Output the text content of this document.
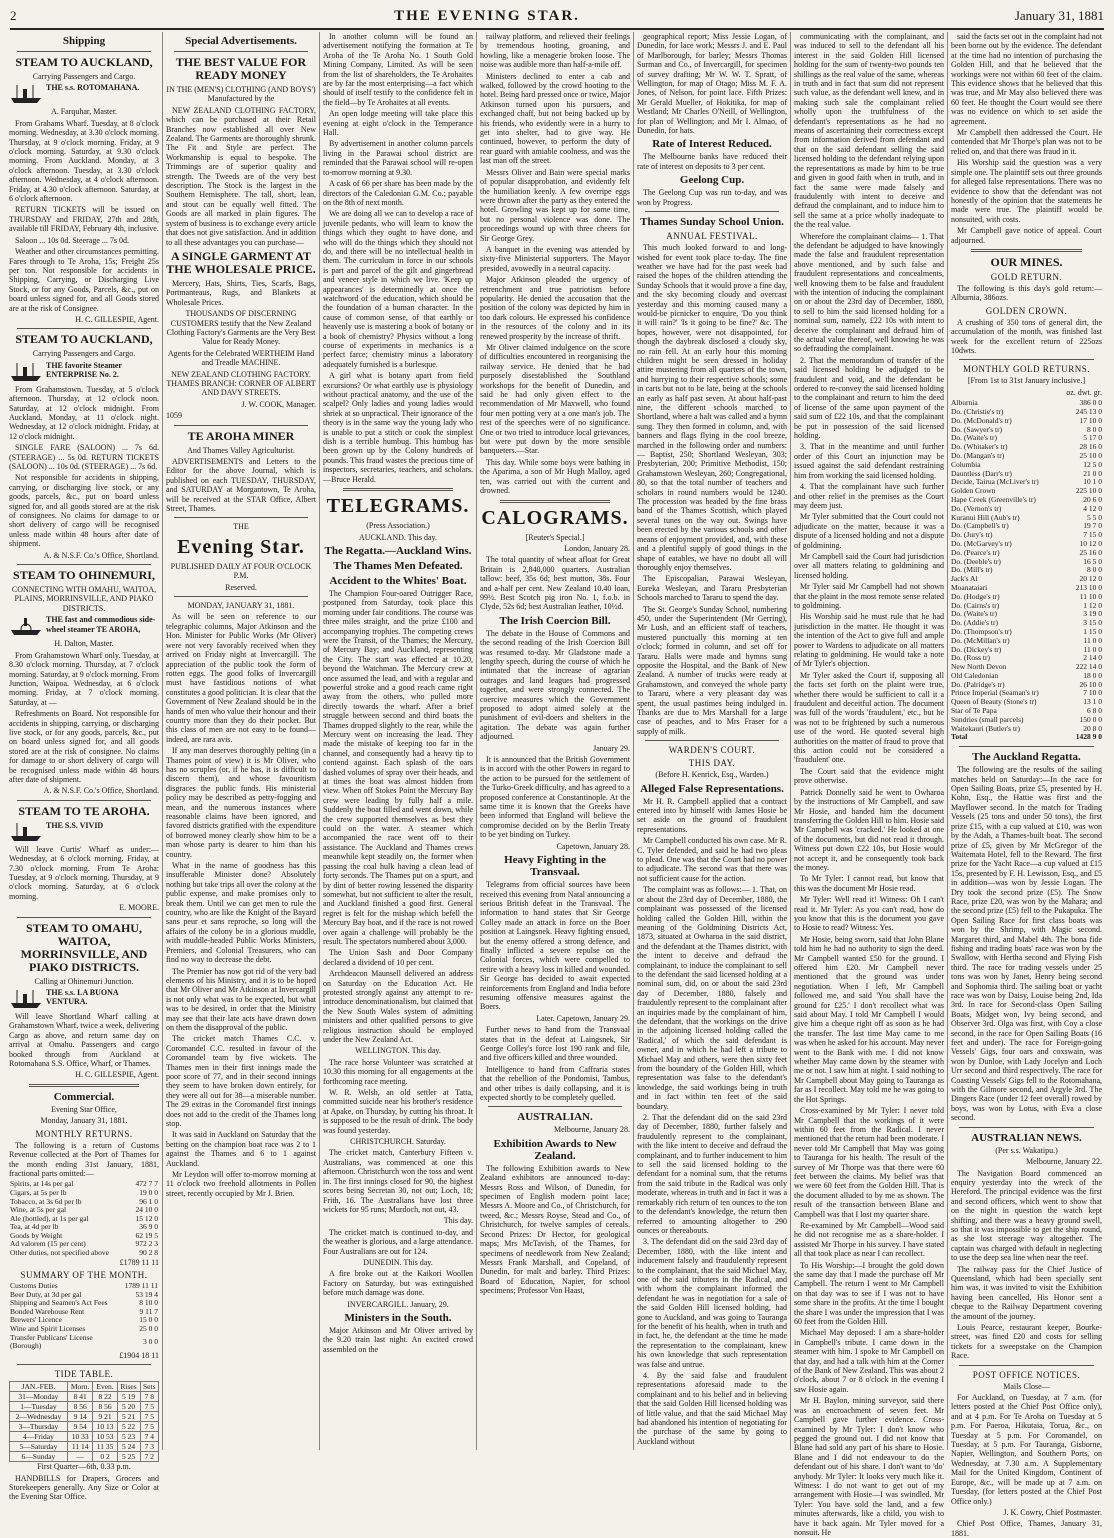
2	THE EVENING STAR.	January 31, 1881
Shipping
STEAM TO AUCKLAND,

Carrying Passengers and Cargo.

THE s.s. ROTOMAHANA.

A. Farquhar, Master.

From Grahams Wharf. Tuesday, at 8 o'clock morning. Wednesday, at 3.30 o'clock morning. Thursday, at 9 o'clock morning. Friday, at 9 o'clock morning. Saturday, at 9.30 o'clock morning. From Auckland. Monday, at 3 o'clock afternoon. Tuesday, at 3.30 o'clock afternoon. Wednesday, at 4 o'clock afternoon. Friday, at 4.30 o'clock afternoon. Saturday, at 6 o'clock afternoon.

RETURN TICKETS will be issued on THURSDAY and FRIDAY, 27th and 28th, available till FRIDAY, February 4th, inclusive.

Saloon ... 10s 0d. Steerage ... 7s 0d.

Weather and other circumstances permitting. Fares through to Te Aroha, 15s; Freight 25s per ton. Not responsible for accidents in Shipping, Carrying, or Discharging Live Stock, or for any Goods, Parcels, &c., put on board unless signed for, and all Goods stored are at the risk of Consignee.

H. C. GILLESPIE, Agent.

STEAM TO AUCKLAND,

Carrying Passengers and Cargo.

THE favorite Steamer ENTERPRISE No. 2.

From Grahamstown. Tuesday, at 5 o'clock afternoon. Thursday, at 12 o'clock noon. Saturday, at 12 o'clock midnight. From Auckland. Monday, at 11 o'clock night. Wednesday, at 12 o'clock midnight. Friday, at 12 o'clock midnight.

SINGLE FARE (SALOON) ... 7s 6d. (STEERAGE) ... 5s 0d. RETURN TICKETS (SALOON) ... 10s 0d. (STEERAGE) ... 7s 6d.

Not responsible for accidents in shipping, carrying, or discharging live stock, or any goods, parcels, &c., put on board unless signed for, and all goods stored are at the risk of consignees. No claims for damage to or short delivery of cargo will be recognised unless made within 48 hours after date of shipment.

A. & N.S.F. Co.'s Office, Shortland.

STEAM TO OHINEMURI,

CONNECTING WITH OMAHU, WAITOA, PLAINS, MORRINSVILLE, AND PIAKO DISTRICTS.

THE fast and commodious side-wheel steamer TE AROHA,

H. Dalton, Master.

From Grahamstown Wharf only. Tuesday, at 8.30 o'clock morning. Thursday, at 7 o'clock morning. Saturday, at 9 o'clock morning. From Junction, Waipoa. Wednesday, at 6 o'clock morning. Friday, at 7 o'clock morning. Saturday, at —

Refreshments on Board. Not responsible for accidents in shipping, carrying, or discharging live stock, or for any goods, parcels, &c., put on board unless signed for, and all goods stored are at the risk of consignee. No claims for damage to or short delivery of cargo will be recognised unless made within 48 hours after date of shipment.

A. & N.S.F. Co.'s Office, Shortland.

STEAM TO TE AROHA.
THE S.S. VIVID

Will leave Curtis' Wharf as under:— Wednesday, at 6 o'clock morning. Friday, at 7.30 o'clock morning. From Te Aroha: Tuesday, at 9 o'clock morning. Thursday, at 9 o'clock morning. Saturday, at 6 o'clock morning.

E. MOORE.

STEAM TO OMAHU, WAITOA, MORRINSVILLE, AND PIAKO DISTRICTS.

Calling at Ohinemuri Junction.

THE s.s. LA BUONA VENTURA.

Will leave Shortland Wharf calling at Grahamstown Wharf, twice a week, delivering Cargo as above, and return same day on arrival at Omahu. Passengers and cargo booked through from Auckland at Rotomahana S.S. Office, Wharf, or Thames.

H. C. GILLESPIE, Agent.

Commercial.

Evening Star Office,

Monday, January 31, 1881.

MONTHLY RETURNS.

The following is a return of Customs Revenue collected at the Port of Thames for the month ending 31st January, 1881, fractional parts omitted:—

Spirits, at 14s per gal	472 7 7
Cigars, at 5s per lb	19 0 0
Tobacco, at 3s 6d per lb	96 1 0
Wine, at 5s per gal	24 10 0
Ale (bottled), at 1s per gal	15 12 0
Tea, at 4d per lb	36 9 0
Goods by Weight	62 19 5
Ad valorem (15 per cent)	972 2 3
Other duties, not specified above	90 2 8

£1789 11 11

SUMMARY OF THE MONTH.
Customs Duties	1789 11 11
Beer Duty, at 3d per gal	53 19 4
Shipping and Seamen's Act Fees	8 10 0
Bonded Warehouse Rent	9 11 7
Brewers' Licence	15 0 0
Wine and Spirit Licenses	25 0 0
Transfer Publicans' License (Borough)	3 0 0

£1904 18 11

TIDE TABLE.
JAN.-FEB.	Morn.	Even.	Rises	Sets
31—Monday	8 41	8 22	5 19	7 8
1—Tuesday	8 56	8 56	5 20	7 5
2—Wednesday	9 14	9 21	5 21	7 5
3—Thursday	9 54	10 13	5 22	7 5
4—Friday	10 33	10 53	5 23	7 4
5—Saturday	11 14	11 35	5 24	7 3
6—Sunday	—	0 2	5 25	7 2

First Quarter—6th, 0.33 p.m.

HANDBILLS for Drapers, Grocers and Storekeepers generally. Any Size or Color at the Evening Star Office.

Special Advertisements.
THE BEST VALUE FOR READY MONEY

IN THE (MEN'S) CLOTHING (AND BOYS') Manufactured by the

NEW ZEALAND CLOTHING FACTORY, which can be purchased at their Retail Branches now established all over New Zealand. The Garments are thoroughly shrunk. The Fit and Style are perfect. The Workmanship is equal to bespoke. The Trimmings are of superior quality and strength. The Tweeds are of the very best description. The Stock is the largest in the Southern Hemisphere. The tall, short, lean, and stout can be equally well fitted. The Goods are all marked in plain figures. The system of business is to exchange every article that does not give satisfaction. And in addition to all these advantages you can purchase—

A SINGLE GARMENT AT THE WHOLESALE PRICE.

Mercery, Hats, Shirts, Ties, Scarfs, Bags, Portmanteaus, Rugs, and Blankets at Wholesale Prices.

THOUSANDS OF DISCERNING CUSTOMERS testify that the New Zealand Clothing Factory's Garments are the Very Best Value for Ready Money.

Agents for the Celebrated WERTHEIM Hand and Treadle MACHINE.

NEW ZEALAND CLOTHING FACTORY. THAMES BRANCH: CORNER OF ALBERT AND DAVY STREETS.

J. W. COOK, Manager.

1059

TE AROHA MINER

And Thames Valley Agriculturist.

ADVERTISEMENTS and Letters to the Editor for the above Journal, which is published on each TUESDAY, THURSDAY, and SATURDAY at Morgantown, Te Aroha, will be received at the STAR Office, Albert Street, Thames.

THE

Evening Star.

PUBLISHED DAILY AT FOUR O'CLOCK P.M.

Reserved.

MONDAY, JANUARY 31, 1881.

As will be seen on reference to our telegraphic columns, Major Atkinson and the Hon. Minister for Public Works (Mr Oliver) were not very favorably received when they arrived on Friday night at Invercargill. The appreciation of the public took the form of rotten eggs. The good folks of Invercargill must have fastidious notions of what constitutes a good politician. It is clear that the Government of New Zealand should be in the hands of men who value their honour and their country more than they do their pocket. But this class of men are not easy to be found—indeed, are rara avis.

If any man deserves thoroughly pelting (in a Thames point of view) it is Mr Oliver, who has no scruples (or, if he has, it is difficult to discern them), and whose favouritism disgraces the public funds. His ministerial policy may be described as petty-fogging and mean, and the numerous instances where reasonable claims have been ignored, and favored districts gratified with the expenditure of borrowed money clearly show him to be a man whose party is dearer to him than his country.

What in the name of goodness has this insufferable Minister done? Absolutely nothing but take trips all over the colony at the public expense, and make promises only to break them. Until we can get men to rule the country, who are like the Knight of the Bayard sans peur et sans reproche, so long will the affairs of the colony be in a glorious muddle, with muddle-headed Public Works Ministers, Premiers, and Colonial Treasurers, who can find no way to decrease the debt.

The Premier has now got rid of the very bad elements of his Ministry, and it is to be hoped that Mr Oliver and Mr Atkinson at Invercargill is not only what was to be expected, but what was to be desired, in order that the Ministry may see that their late acts have drawn down on them the disapproval of the public.

The cricket match Thames C.C. v. Coromandel C.C. resulted in favour of the Coromandel team by five wickets. The Thames men in their first innings made the poor score of 77, and in their second innings they seem to have broken down entirely, for they were all out for 38—a miserable number. The 29 extras in the Coromandel first innings does not add to the credit of the Thames long stop.

It was said in Auckland on Saturday that the betting on the champion boat race was 2 to 1 against the Thames and 6 to 1 against Auckland.

Mr Leydon will offer to-morrow morning at 11 o'clock two freehold allotments in Pollen street, recently occupied by Mr J. Brien.

In another column will be found an advertisement notifying the formation at Te Aroha of the Te Aroha No. 1 South Gold Mining Company, Limited. As will be seen from the list of shareholders, the Te Arohaites are by far the most enterprising—a fact which should of itself testify to the confidence felt in the field—by Te Arohaites at all events.

An open lodge meeting will take place this evening at eight o'clock in the Temperance Hall.

By advertisement in another column parcels living in the Parawai school district are reminded that the Parawai school will re-open to-morrow morning at 9.30.

A cask of 66 per share has been made by the directors of the Caledonian G.M. Co.; payable on the 8th of next month.

We are doing all we can to develop a race of juvenile pedants, who will learn to know the things which they ought to have done, and who will do the things which they should not do, and there will be no intellectual health in them. The curriculum in force in our schools is part and parcel of the gilt and gingerbread and veneer style in which we live. 'Keep up appearances' is determinedly at once the watchword of the education, which should be the foundation of a human character. In the cause of common sense, of that earthly or heavenly use is mastering a book of botany or a book of chemistry? Physics without a long course of experiments in mechanics is a perfect farce; chemistry minus a laboratory adequately furnished is a burlesque.

A girl what is botany apart from field excursions? Or what earthly use is physiology without practical anatomy, and the use of the scalpel? Only ladies and young ladies would shriek at so unpractical. Their ignorance of the theory is in the same way the young lady who is unable to put a stitch or cook the simplest dish is a terrible humbug. This humbug has been grown up by the Colony hundreds of pounds. This fraud wastes the precious time of inspectors, secretaries, teachers, and scholars.—Bruce Herald.

TELEGRAMS.

(Press Association.)

AUCKLAND. This day.

The Regatta.—Auckland Wins.
The Thames Men Defeated.
Accident to the Whites' Boat.

The Champion Four-oared Outrigger Race, postponed from Saturday, took place this morning under fair conditions. The course was three miles straight, and the prize £100 and accompanying trophies. The competing crews were the Transit, of the Thames; the Mercury, of Mercury Bay; and Auckland, representing the City. The start was effected at 10.20, beyond the Watchman. The Mercury crew at once assumed the lead, and with a regular and powerful stroke and a good reach came right away from the others, who pulled more directly towards the wharf. After a brief struggle between second and third boats the Thames dropped slightly to the rear, while the Mercury went on increasing the lead. They made the mistake of keeping too far in the channel, and consequently had a heavy tip to contend against. Each splash of the oars dashed volumes of spray over their heads, and at times the boat was almost hidden from view. When off Stokes Point the Mercury Bay crew were leading by fully half a mile. Suddenly the boat filled and went down, while the crew supported themselves as best they could on the water. A steamer which accompanied the race went off to their assistance. The Auckland and Thames crews meanwhile kept steadily on, the former when passing the coal hulk having a clean lead of forty seconds. The Thames put on a spurt, and by dint of better rowing lessened the disparity somewhat, but not sufficient to alter the result, and Auckland finished a good first. General regret is felt for the mishap which befell the Mercury Bay boat, and if the race is not rowed over again a challenge will probably be the result. The spectators numbered about 3,000.

The Union Sash and Door Company declared a dividend of 10 per cent.

Archdeacon Maunsell delivered an address on Saturday on the Education Act. He protested strongly against any attempt to re-introduce denominationalism, but claimed that the New South Wales system of admitting ministers and other qualified persons to give religious instruction should be employed under the New Zealand Act.

WELLINGTON. This day.

The race horse Volunteer was scratched at 10.30 this morning for all engagements at the forthcoming race meeting.

W. R. Welsh, an old settler at Tatta, committed suicide near his brother's residence at Apake, on Thursday, by cutting his throat. It is supposed to be the result of drink. The body was found yesterday.

CHRISTCHURCH. Saturday.

The cricket match, Canterbury Fifteen v. Australians, was commenced at one this afternoon. Christchurch won the toss and went in. The first innings closed for 90, the highest scores being Secretan 30, not out; Loch, 18; Frith, 16. The Australians have lost three wickets for 95 runs; Murdoch, not out, 43.

This day.

The cricket match is continued to-day, and the weather is glorious, and a large attendance. Four Australians are out for 124.

DUNEDIN. This day.

A fire broke out at the Kaikori Woollen Factory on Saturday, but was extinguished before much damage was done.

INVERCARGILL. January, 29.

Ministers in the South.

Major Atkinson and Mr Oliver arrived by the 9.20 train last night. An excited crowd assembled on the

railway platform, and relieved their feelings by tremendous hooting, groaning, and howling, like a menagerie broken loose. The noise was audible more than half-a-mile off.

Ministers declined to enter a cab and walked, followed by the crowd hooting to the hotel. Being hard pressed once or twice, Major Atkinson turned upon his pursuers, and exchanged chaff, but not being backed up by his friends, who evidently were in a hurry to get into shelter, had to give way. He continued, however, to perform the duty of rear guard with amiable coolness, and was the last man off the street.

Messrs Oliver and Bain were special marks of popular disapprobation, and evidently felt the humiliation keenly. A few overripe eggs were thrown after the party as they entered the hotel. Growling was kept up for some time, but no personal violence was done. The proceedings wound up with three cheers for Sir George Grey.

A banquet in the evening was attended by sixty-five Ministerial supporters. The Mayor presided, avowedly in a neutral capacity.

Major Atkinson pleaded the urgency of retrenchment and true patriotism before popularity. He denied the accusation that the position of the colony was depicted by him in too dark colours. He expressed his confidence in the resources of the colony and in its renewed prosperity by the increase of thrift.

Mr Oliver claimed indulgence on the score of difficulties encountered in reorganising the railway service. He denied that he had purposely disestablished the Southland workshops for the benefit of Dunedin, and said he had only given effect to the recommendation of Mr Maxwell, who found four men potting very at a one man's job. The rest of the speeches were of no significance. One or two tried to introduce local grievances, but were put down by the more sensible banqueters.—Star.

This day. While some boys were bathing in the Aparima, a son of Mr Hugh Malloy, aged ten, was carried out with the current and drowned.

CALOGRAMS.

[Reuter's Special.]

London, January 28.

The total quantity of wheat afloat for Great Britain is 2,840,000 quarters. Australian tallow: beef, 35s 6d; best mutton, 38s. Four and a-half per cent. New Zealand 10.40 loan, 99½. Best Scotch pig iron No. 1, f.o.b. in Clyde, 52s 6d; best Australian leather, 10½d.

The Irish Coercion Bill.

The debate in the House of Commons and the second reading of the Irish Coercion Bill was resumed to-day. Mr Gladstone made a lengthy speech, during the course of which he intimated that the increase of agrarian outrages and land leagues had progressed together, and were strongly connected. The coercive measures which the Government proposed to adopt aimed solely at the punishment of evil-doers and shelters in the agitation. The debate was again further adjourned.

January 29.

It is announced that the British Government is in accord with the other Powers in regard to the action to be pursued for the settlement of the Turko-Greek difficulty, and has agreed to a proposed conference at Constantinople. At the same time it is known that the Greeks have been informed that England will believe the compromise decided on by the Berlin Treaty to be yet binding on Turkey.

Capetown, January 28.

Heavy Fighting in the Transvaal.

Telegrams from official sources have been received this evening from Natal announcing a serious British defeat in the Transvaal. The information to hand states that Sir George Colley made an attack in force on the Boer position at Laingsnek. Heavy fighting ensued, but the enemy offered a strong defence, and finally inflicted a severe repulse on the Colonial forces, which were compelled to retire with a heavy loss in killed and wounded. Sir George has decided to await expected reinforcements from England and India before resuming offensive measures against the Boers.

Later. Capetown, January 29.

Further news to hand from the Transvaal states that in the defeat at Laingsnek, Sir George Colley's force lost 190 rank and file, and five officers killed and three wounded.

Intelligence to hand from Caffraria states that the rebellion of the Pondomisi, Tambus, and other tribes is daily collapsing, and it is expected shortly to be completely quelled.

AUSTRALIAN.

Melbourne, January 28.

Exhibition Awards to New Zealand.

The following Exhibition awards to New Zealand exhibitors are announced to-day: Messrs Ross and Wilson, of Dunedin, for specimen of English modern point lace; Messrs A. Moore and Co., of Christchurch, for tweed, &c.; Messrs Royse, Stead and Co., of Christchurch, for twelve samples of cereals. Second Prizes: Dr Hector, for geological maps; Mrs McTavish, of the Thames, for specimens of needlework from New Zealand; Messrs Frank Marshall, and Copeland, of Dunedin, for malt and barley. Third Prizes: Board of Education, Napier, for school specimens; Professor Von Haast,

geographical report; Miss Jessie Logan, of Dunedin, for lace work; Messrs J. and E. Paul of Marlborough, for barley; Messrs Thomas Surman and Co., of Invercargill, for specimen of survey drafting; Mr W. W. T. Spratt, of Wellington, for map of Otago; Miss M. F. A. Jones, of Nelson, for point lace. Fifth Prizes: Mr Gerald Mueller, of Hokitika, for map of Westland; Mr Charles O'Neill, of Wellington, for plan of Wellington; and Mr I. Almao, of Dunedin, for hats.

Rate of Interest Reduced.

The Melbourne banks have reduced their rate of interest on deposits to 3 per cent.

Geelong Cup.

The Geelong Cup was run to-day, and was won by Progress.

Thames Sunday School Union.
ANNUAL FESTIVAL.

This much looked forward to and long-wished for event took place to-day. The fine weather we have had for the past week had raised the hopes of the children attending the Sunday Schools that it would prove a fine day, and the sky becoming cloudy and overcast yesterday and this morning caused many a would-be picnicker to enquire, 'Do you think it will rain?' 'Is it going to be fine?' &c. The hopes, however, were not disappointed, for though the daybreak disclosed a cloudy sky, no rain fell. At an early hour this morning children might be seen dressed in holiday attire mustering from all quarters of the town, and hurrying to their respective schools; some in carts but not to be late, being at the schools an early as half past seven. At about half-past nine, the different schools marched to Shortland, where a halt was called and a hymn sung. They then formed in column, and, with banners and flags flying in the cool breeze, marched in the following order and numbers:— Baptist, 250; Shortland Wesleyan, 303; Presbyterian, 200; Primitive Methodist, 150; Grahamstown Wesleyan, 260; Congregational, 80, so that the total number of teachers and scholars in round numbers would be 1240. The procession was headed by the fine brass band of the Thames Scottish, which played several tunes on the way out. Swings have been erected by the various schools and other means of enjoyment provided, and, with these and a plentiful supply of good things in the shape of eatables, we have no doubt all will thoroughly enjoy themselves.

The Episcopalian, Parawai Wesleyan, Eureka Wesleyan, and Tararu Presbyterian Schools marched to Tararu to spend the day.

The St. George's Sunday School, numbering 450, under the Superintendent (Mr Gerring), Mr Lush, and an efficient staff of teachers, mustered punctually this morning at ten o'clock; formed in column, and set off for Tararu. Halls were made and hymns sung opposite the Hospital, and the Bank of New Zealand. A number of trucks were ready at Grahamstown, and conveyed the whole party to Tararu, where a very pleasant day was spent, the usual pastimes being indulged in. Thanks are due to Mrs Marshall for a large case of peaches, and to Mrs Fraser for a supply of milk.

WARDEN'S COURT.
THIS DAY.

(Before H. Kenrick, Esq., Warden.)

Alleged False Representations.

Mr H. R. Campbell applied that a contract entered into by himself with James Hosie be set aside on the ground of fraudulent representations.

Mr Campbell conducted his own case. Mr R. C. Tyler defended, and said he had two pleas to plead. One was that the Court had no power to adjudicate. The second was that there was not sufficient cause for the action.

The complaint was as follows:— 1. That, on or about the 23rd day of December, 1880, the complainant was possessed of the licensed holding called the Golden Hill, within the meaning of the Goldmining Districts Act, 1873, situated at Owharoa in the said district, and the defendant at the Thames district, with the intent to deceive and defraud the complainant, to induce the complainant to sell to the defendant the said licensed holding at a nominal sum, did, on or about the said 23rd day of December, 1880, falsely and fraudulently represent to the complainant after an inquiries made by the complainant of him, the defendant, that the workings on the drive in the adjoining licensed holding called the 'Radical,' of which the said defendant is owner, and in which he had left a tribute to Michael May and others, were then sixty feet from the boundary of the Golden Hill, which representation was false to the defendant's knowledge, the said workings being in truth and in fact within ten feet of the said boundary.

2. That the defendant did on the said 23rd day of December, 1880, further falsely and fraudulently represent to the complainant, with the like intent to deceive and defraud the complainant, and to further inducement to him to sell the said licensed holding to the defendant for a nominal sum, that the returns from the said tribute in the Radical was only moderate, whereas in truth and in fact it was a remarkably rich return of ten ounces to the ton to the defendant's knowledge, the return then referred to amounting altogether to 290 ounces or thereabouts.

3. The defendant did on the said 23rd day of December, 1880, with the like intent and inducement falsely and fraudulently represent to the complainant, that the said Michael May, one of the said tributers in the Radical, and with whom the complainant informed the defendant he was in negotiation for a sale of the said Golden Hill licensed holding, had gone to Auckland, and was going to Tauranga for the benefit of his health, when in truth and in fact, he, the defendant at the time he made the representation to the complainant, knew his own knowledge that such representation was false and untrue.

4. By the said false and fraudulent representations aforesaid made to the complainant and to his belief and in believing that the said Golden Hill licensed holding was of little value, and that the said Michael May had abandoned his intention of negotiating for the purchase of the same by going to Auckland without

communicating with the complainant, and was induced to sell to the defendant all his interest in the said Golden Hill licensed holding for the sum of twenty-two pounds ten shillings as the real value of the same, whereas in truth and in fact that sum did not represent such value, as the defendant well knew, and in making such sale the complainant relied wholly upon the truthfulness of the defendant's representations as he had no means of ascertaining their correctness except from information derived from defendant and that on the said defendant selling the said licensed holding to the defendant relying upon the representations as made by him to be true and given in good faith when in truth, and in fact the same were made falsely and fraudulently with intent to deceive and defraud the complainant, and to induce him to sell the same at a price wholly inadequate to the the real value.

Wherefore the complainant claims— 1. That the defendant be adjudged to have knowingly made the false and fraudulent representation above mentioned, and by such false and fraudulent representations and concealments, well knowing them to be false and fraudulent with the intention of inducing the complainant on or about the 23rd day of December, 1880, to sell to him the said licensed holding for a nominal sum, namely, £22 10s with intent to deceive the complainant and defraud him of the actual value thereof, well knowing he was so defrauding the complainant.

2. That the memorandum of transfer of the said licensed holding be adjudged to be fraudulent and void, and the defendant be ordered to re-convey the said licensed holding to the complainant and return to him the deed of license of the same upon payment of the said sum of £22 10s, and that the complainant be put in possession of the said licensed holding.

3. That in the meantime and until further order of this Court an injunction may be issued against the said defendant restraining him from working the said licensed holding.

4. That the complainant have such further and other relief in the premises as the Court may deem just.

Mr Tyler submitted that the Court could not adjudicate on the matter, because it was a dispute of a licensed holding and not a dispute of goldmining.

Mr Campbell said the Court had jurisdiction over all matters relating to goldmining and licensed holding.

Mr Tyler said Mr Campbell had not shown that the plaint in the most remote sense related to goldmining.

His Worship said he must rule that he had jurisdiction in the matter. He thought it was the intention of the Act to give full and ample power to Wardens to adjudicate on all matters relating to goldmining. He would take a note of Mr Tyler's objection.

Mr Tyler asked the Court if, supposing all the facts set forth on the plaint were true, whether there would be sufficient to call it a fraudulent and deceitful action. The document was full of the words 'fraudulent,' etc., but he was not to be frightened by such a numerous use of the word. He quoted several high authorities on the matter of fraud to prove that this action could not be considered a 'fraudulent' one.

The Court said that the evidence might prove otherwise.

Patrick Donnelly said he went to Owharoa by the instructions of Mr Campbell, and saw Mr Hosie, and handed him the document transferring the Golden Hill to him. Hosie said Mr Campbell was 'cracked.' He looked at one of the documents, but did not read it through. Witness put down £22 10s, but Hosie would not accept it, and he consequently took back the money.

To Mr Tyler: I cannot read, but know that this was the document Mr Hosie read.

Mr Tyler: Well read it! Witness: Oh I can't read it. Mr Tyler: As you can't read, how do you know that this is the document you gave to Hosie to read? Witness: Yes.

Mr Hosie, being sworn, said that John Blane told him he had no authority to sign the deed. Mr Campbell wanted £50 for the ground. I offered him £20. Mr Campbell never mentioned that the ground was under negotiation. When I left, Mr Campbell followed me, and said 'You shall have the ground for £25.' I don't recollect what was said about May. I told Mr Campbell I would give him a cheque right off as soon as he had the transfer. The last time May came to me was when he asked for his account. May never went to the Bank with me. I did not know whether May came down by the steamer with me or not. I saw him at night. I said nothing to Mr Campbell about May going to Tauranga as far as I recollect. May told me he was going to the Hot Springs.

Cross-examined by Mr Tyler: I never told Mr Campbell that the workings of it were within 60 feet from the Radical. I never mentioned that the return had been moderate. I never told Mr Campbell that May was going to Tauranga for his health. The result of the survey of Mr Thorpe was that there were 60 feet between the claims. My belief was that we were 60 feet from the Golden Hill. That is the document alluded to by me as shown. The result of the transaction between Blane and Campbell was that I lost my quarter share.

Re-examined by Mr Campbell—Wood said he did not recognise me as a share-holder. I assisted Mr Thorpe in his survey. I have stated all that took place as near I can recollect.

To His Worship:—I brought the gold down the same day that I made the purchase off Mr Campbell. The return I went to Mr Campbell on that day was to see if I was not to have some share in the profits. At the time I bought the share I was under the impression that I was 60 feet from the Golden Hill.

Michael May deposed: I am a share-holder in Campbell's tribute. I came down in the steamer with him. I spoke to Mr Campbell on that day, and had a talk with him at the Corner of the Bank of New Zealand. This was about 2 o'clock, about 7 or 8 o'clock in the evening I saw Hosie again.

Mr H. Baylon, mining surveyor, said there was an encroachment of seven feet. Mr Campbell gave further evidence. Cross-examined by Mr Tyler: I don't know who pegged the ground out. I did not know that Blane had sold any part of his share to Hosie. Blane and I did not endeavour to do the defendant out of his share. I don't want to 'do' anybody. Mr Tyler: It looks very much like it. Witness: I do not want to get out of my arrangement with Hosie—I was swindled. Mr Tyler: You have sold the land, and a few minutes afterwards, like a child, you wish to have it back again. Mr Tyler moved for a nonsuit. He

said the facts set out in the complaint had not been borne out by the evidence. The defendant at the time had no intention of purchasing the Golden Hill, and that he believed that the workings were not within 60 feet of the claim. This evidence shows that he believed that this was true, and Mr May also believed there was 60 feet. He thought the Court would see there was no evidence on which to set aside the agreement.

Mr Campbell then addressed the Court. He contended that Mr Thorpe's plan was not to be relied on, and that there was fraud in it.

His Worship said the question was a very simple one. The plaintiff sets out three grounds for alleged false representations. There was no evidence to show that the defendant was not honestly of the opinion that the statements he made were true. The plaintiff would be nonsuited, with costs.

Mr Campbell gave notice of appeal. Court adjourned.

OUR MINES.
GOLD RETURN.

The following is this day's gold return:—Alburnia, 386ozs.

GOLDEN CROWN.

A crushing of 350 tons of general dirt, the accumulation of the month, was finished last week for the excellent return of 225ozs 10dwts.

MONTHLY GOLD RETURNS.

[From 1st to 31st January inclusive.]

oz. dwt. gr.

Alburnia	386 0 0
Do. (Christie's tr)	245 13 0
Do. (McDonald's tr)	17 10 0
Do. (Sawyer's tr)	8 0 0
Do. (Waite's tr)	5 17 0
Do. (Whitaker's tr)	28 16 0
Do. (Mangan's tr)	25 10 0
Columbia	12 5 0
Dauntless (Darr's tr)	21 0 0
Decide, Tairua (McLiver's tr)	10 1 0
Golden Crown	225 10 0
Hape Creek (Greenville's tr)	20 6 0
Do. (Vernon's tr)	4 12 0
Kuranui Hill (Aub's tr)	5 5 0
Do. (Campbell's tr)	19 7 0
Do. (Jury's tr)	7 15 0
Do. (McGarvey's tr)	10 12 0
Do. (Pearce's tr)	25 16 0
Do. (Deeble's tr)	16 5 0
Do. (Mill's tr)	8 0 0
Jack's Al	20 12 0
Moanataiari	213 10 0
Do. (Hodge's tr)	11 10 0
Do. (Cairns's tr)	1 12 0
Do. (Waite's tr)	3 19 0
Do. (Addie's tr)	3 15 0
Do. (Thompson's tr)	1 15 0
Do. (McMillan's tr)	11 0 0
Do. (Dickey's tr)	11 0 0
Do. (Ross tr)	2 14 0
New North Devon	222 14 0
Old Caledonian	18 0 0
Do. (Palridge's tr)	26 10 0
Prince Imperial (Seaman's tr)	7 10 0
Queen of Beauty (Stone's tr)	13 1 0
Star of Te Papa	6 8 0
Sundries (small parcels)	150 0 0
Waitekauri (Butler's tr)	20 8 0
Total	1428 9 0
The Auckland Regatta.

The following are the results of the sailing matches held on Saturday:—In the race for Open Sailing Boats, prize £5, presented by H. Kohn, Esq., the Hattie was first and the Mayflower second. In the match for Trading Vessels (25 tons and under 50 tons), the first prize £15, with a cup valued at £10, was won by the Adah, a Thames-built boat. The second prize of £5, given by Mr McGregor of the Waitemata Hotel, fell to the Reward. The first prize for the Yacht Race—a cup valued at £15 15s, presented by F. H. Lewisson, Esq., and £5 in addition—was won by Jessie Logan. The Dry took the second prize (£5). The Snow Race, prize £20, was won by the Mahara; and the second prize (£5) fell to the Pukapuka. The Open Sailing Race for first class boats was won by the Shrimp, with Magic second. Margaret third, and Mabel 4th. The bona fide fishing and trading boats' race was won by the Swallow, with Hertha second and Flying Fish third. The race for trading vessels under 25 tons was won by Janet, Henry being second and Sophomia third. The sailing boat or yacht race was won by Daisy, Louise being 2nd, Ida 3rd. In race for Second-class Open Sailing Boats, Midget won, Ivy being second, and Observer 3rd. Olga was first, with Coy a close second, in the race for Open Sailing Boats (16 feet and under). The race for Foreign-going Vessels' Gigs, four oars and coxswain, was won by Dunloe, with Lady Jocelyn and Loch Urr second and third respectively. The race for Coasting Vessels' Gigs fell to the Rotomahana, with the Gilmore second, and Argyle 3rd. The Dingers Race (under 12 feet overall) rowed by boys, was won by Lotus, with Eva a close second.

AUSTRALIAN NEWS.

(Per s.s. Wakatipu.)

Melbourne, January 22.

The Navigation Board commenced an enquiry yesterday into the wreck of the Hereford. The principal evidence was the first and second officers, which went to show that on the night in question the watch kept shifting, and there was a heavy ground swell, so that it was impossible to get the ship round, as she lost steerage way altogether. The captain was charged with default in neglecting to use the deep sea line when near the reef.

The railway pass for the Chief Justice of Queensland, which had been specially sent him was, it was invited to visit the Exhibition having been cancelled, His Honor sent a cheque to the Railway Department covering the amount of the journey.

Louis Pearce, restaurant keeper, Bourke-street, was fined £20 and costs for selling tickets for a sweepstake on the Champion Race.

POST OFFICE NOTICES.

Mails Close—

For Auckland, on Tuesday, at 7 a.m. (for letters posted at the Chief Post Office only), and at 4 p.m. For Te Aroha on Tuesday at 5 p.m. For Paeroa, Hikutaia, Torua, &c., on Tuesday at 5 p.m. For Coromandel, on Tuesday, at 5 p.m. For Tauranga, Gisborne, Napier, Wellington, and Southern Ports, on Wednesday, at 7.30 a.m. A Supplementary Mail for the United Kingdom, Continent of Europe, &c., will be made up at 7 a.m. on Tuesday, (for letters posted at the Chief Post Office only.)

J. K. Cowry, Chief Postmaster.

Chief Post Office, Thames, January 31, 1881.
